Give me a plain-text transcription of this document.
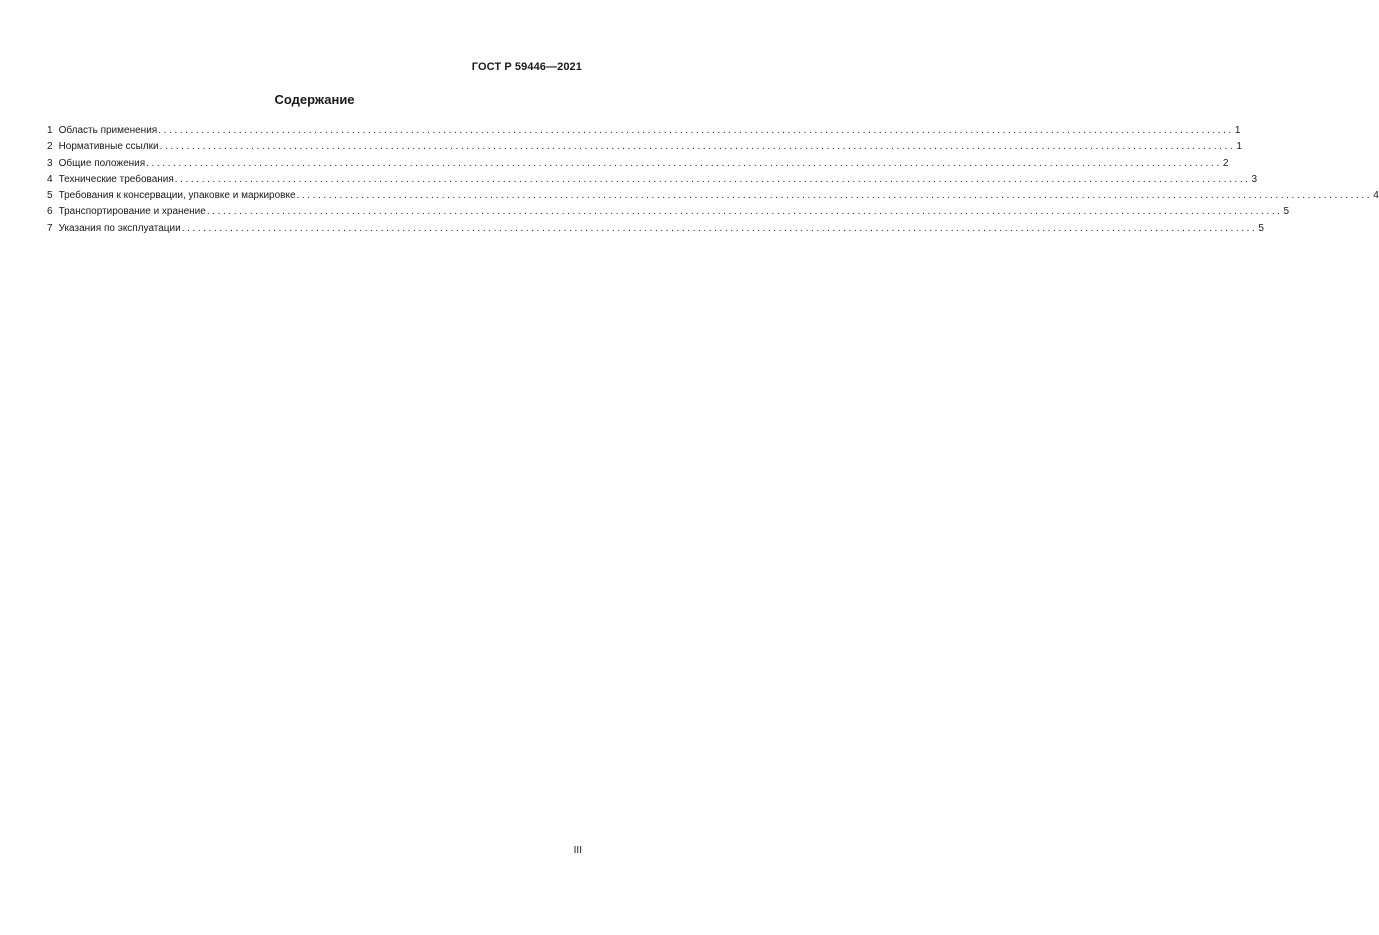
ГОСТ Р 59446—2021
Содержание
1 Область применения ........................................................................................................................................................................................................ 1
2 Нормативные ссылки ........................................................................................................................................................................................................ 1
3 Общие положения ........................................................................................................................................................................................................ 2
4 Технические требования ........................................................................................................................................................................................................ 3
5 Требования к консервации, упаковке и маркировке ........................................................................................................................................................................................................ 4
6 Транспортирование и хранение ........................................................................................................................................................................................................ 5
7 Указания по эксплуатации ........................................................................................................................................................................................................ 5
III
